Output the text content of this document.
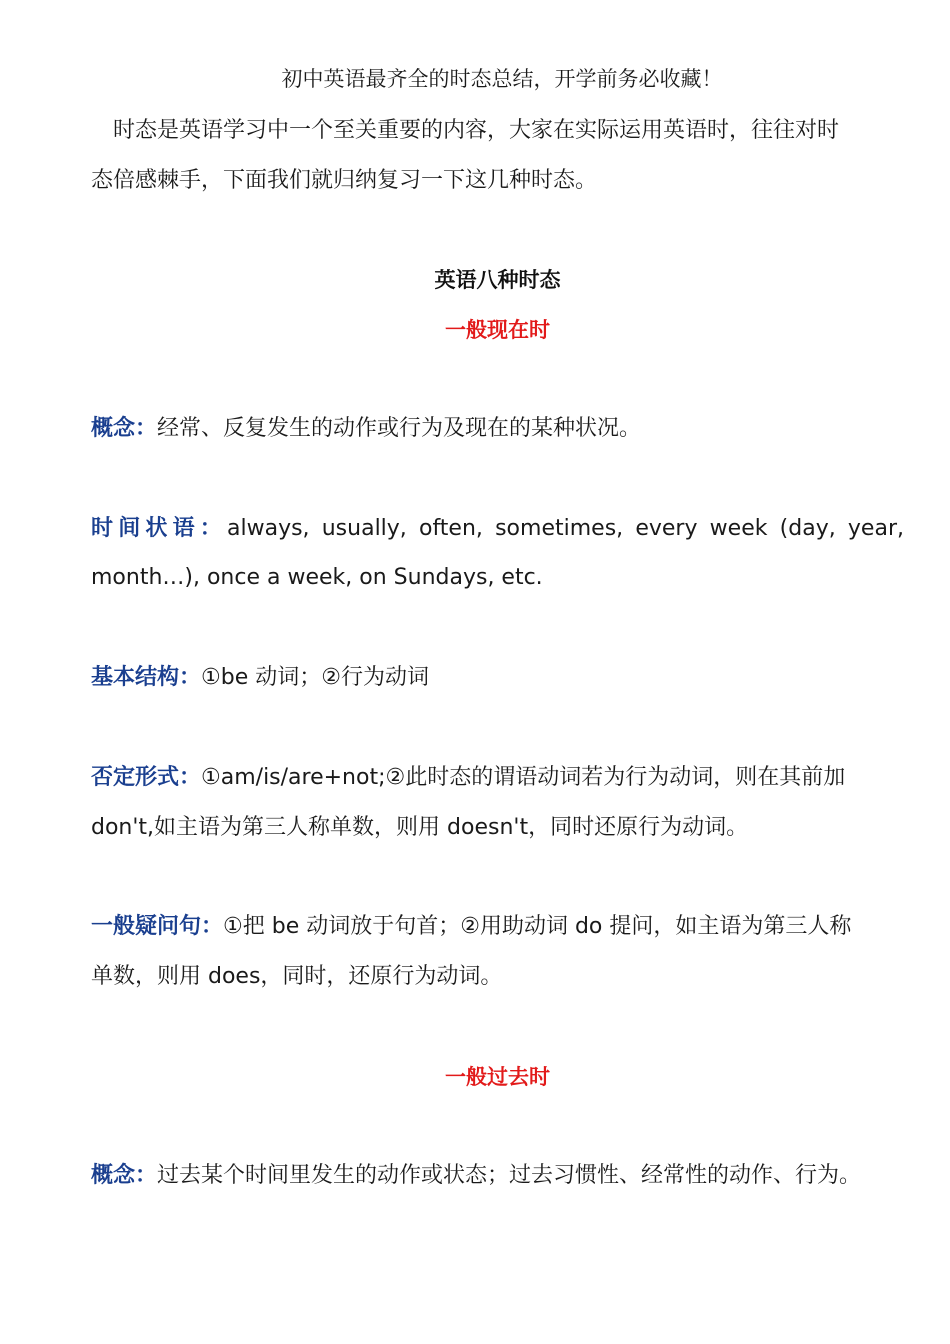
初中英语最齐全的时态总结，开学前务必收藏！
时态是英语学习中一个至关重要的内容，大家在实际运用英语时，往往对时
态倍感棘手，下面我们就归纳复习一下这几种时态。
英语八种时态
一般现在时
概念：经常、反复发生的动作或行为及现在的某种状况。
时间状语：always, usually, often, sometimes, every week (day, year,
month…), once a week, on Sundays, etc.
基本结构：①be 动词；②行为动词
否定形式：①am/is/are+not;②此时态的谓语动词若为行为动词，则在其前加
don't,如主语为第三人称单数，则用 doesn't，同时还原行为动词。
一般疑问句：①把 be 动词放于句首；②用助动词 do 提问，如主语为第三人称
单数，则用 does，同时，还原行为动词。
一般过去时
概念：过去某个时间里发生的动作或状态；过去习惯性、经常性的动作、行为。
